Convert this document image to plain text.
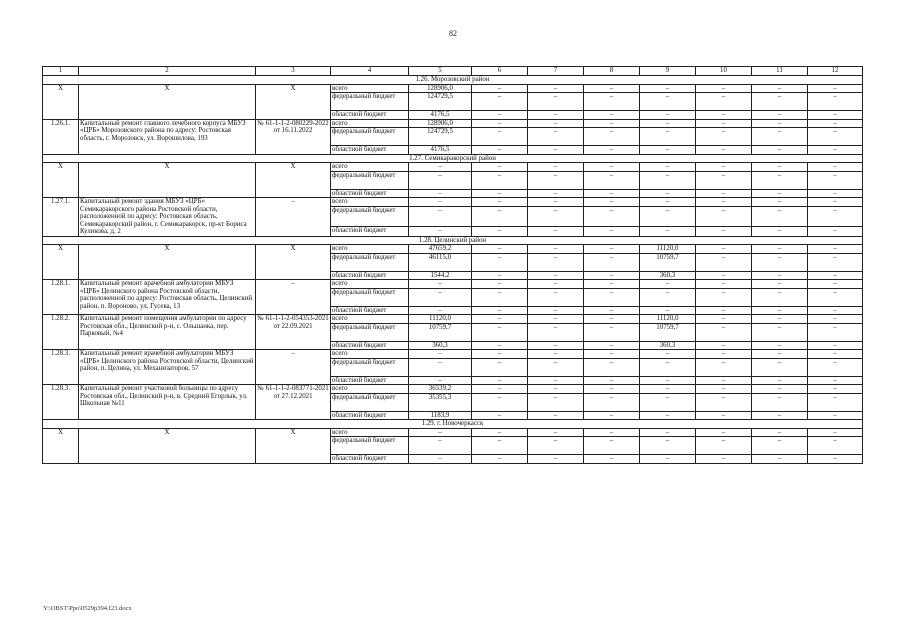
82
1	2	3	4	5	6	7	8	9	10	11	12
1.26. Морозовский район											
Х	Х	Х	всего	128906,0	–	–	–	–	–	–	–
			федеральный бюджет	124729,5	–	–	–	–	–	–	–
			областной бюджет	4176,5	–	–	–	–	–	–	–
1.26.1.	Капитальный ремонт главного лечебного корпуса МБУЗ «ЦРБ» Морозовского района по адресу: Ростовская область, г. Морозовск, ул. Ворошилова, 193	№ 61-1-1-2-080229-2022 от 16.11.2022	всего	128906,0	–	–	–	–	–	–	–
			федеральный бюджет	124729,5	–	–	–	–	–	–	–
			областной бюджет	4176,5	–	–	–	–	–	–	–
1.27. Семикаракорский район											
Х	Х	Х	всего	–	–	–	–	–	–	–	–
			федеральный бюджет	–	–	–	–	–	–	–	–
			областной бюджет	–	–	–	–	–	–	–	–
1.27.1.	Капитальный ремонт здания МБУЗ «ЦРБ» Семикаракорского района Ростовской области, расположенной по адресу: Ростовская область, Семикаракорский район, г. Семикаракорск, пр-кт Бориса Куликова, д. 2	–	всего	–	–	–	–	–	–	–	–
			федеральный бюджет	–	–	–	–	–	–	–	–
			областной бюджет	–	–	–	–	–	–	–	–
1.28. Целинский район											
Х	Х	Х	всего	47659,2	–	–	–	11120,0	–	–	–
			федеральный бюджет	46115,0	–	–	–	10759,7	–	–	–
			областной бюджет	1544,2	–	–	–	360,3	–	–	–
1.28.1.	Капитальный ремонт врачебной амбулатории МБУЗ «ЦРБ» Целинского района Ростовской области, расположенной по адресу: Ростовская область, Целинский район, п. Вороново, ул. Гусева, 13	–	всего	–	–	–	–	–	–	–	–
			федеральный бюджет	–	–	–	–	–	–	–	–
			областной бюджет	–	–	–	–	–	–	–	–
1.28.2.	Капитальный ремонт помещения амбулатории по адресу Ростовская обл., Целинский р-н, с. Ольшанка, пер. Парковый, №4	№ 61-1-1-2-054353-2021 от 22.09.2021	всего	11120,0	–	–	–	11120,0	–	–	–
			федеральный бюджет	10759,7	–	–	–	10759,7	–	–	–
			областной бюджет	360,3	–	–	–	360,3	–	–	–
1.28.3.	Капитальный ремонт врачебной амбулатории МБУЗ «ЦРБ» Целинского района Ростовской области, Целинский район, п. Целина, ул. Механизаторов, 57	–	всего	–	–	–	–	–	–	–	–
			федеральный бюджет	–	–	–	–	–	–	–	–
			областной бюджет	–	–	–	–	–	–	–	–
1.28.3.	Капитальный ремонт участковой больницы по адресу Ростовская обл., Целинский р-н, в. Средний Егорлык, ул. Школьная №11	№ 61-1-1-2-083771-2021 от 27.12.2021	всего	36539,2	–	–	–	–	–	–	–
			федеральный бюджет	35355,3	–	–	–	–	–	–	–
			областной бюджет	1183,9	–	–	–	–	–	–	–
1.29. г. Новочеркасск											
Х	Х	Х	всего	–	–	–	–	–	–	–	–
			федеральный бюджет	–	–	–	–	–	–	–	–
			областной бюджет	–	–	–	–	–	–	–	–
Y:\OBST\Ppo\0529p394.f23.docx
